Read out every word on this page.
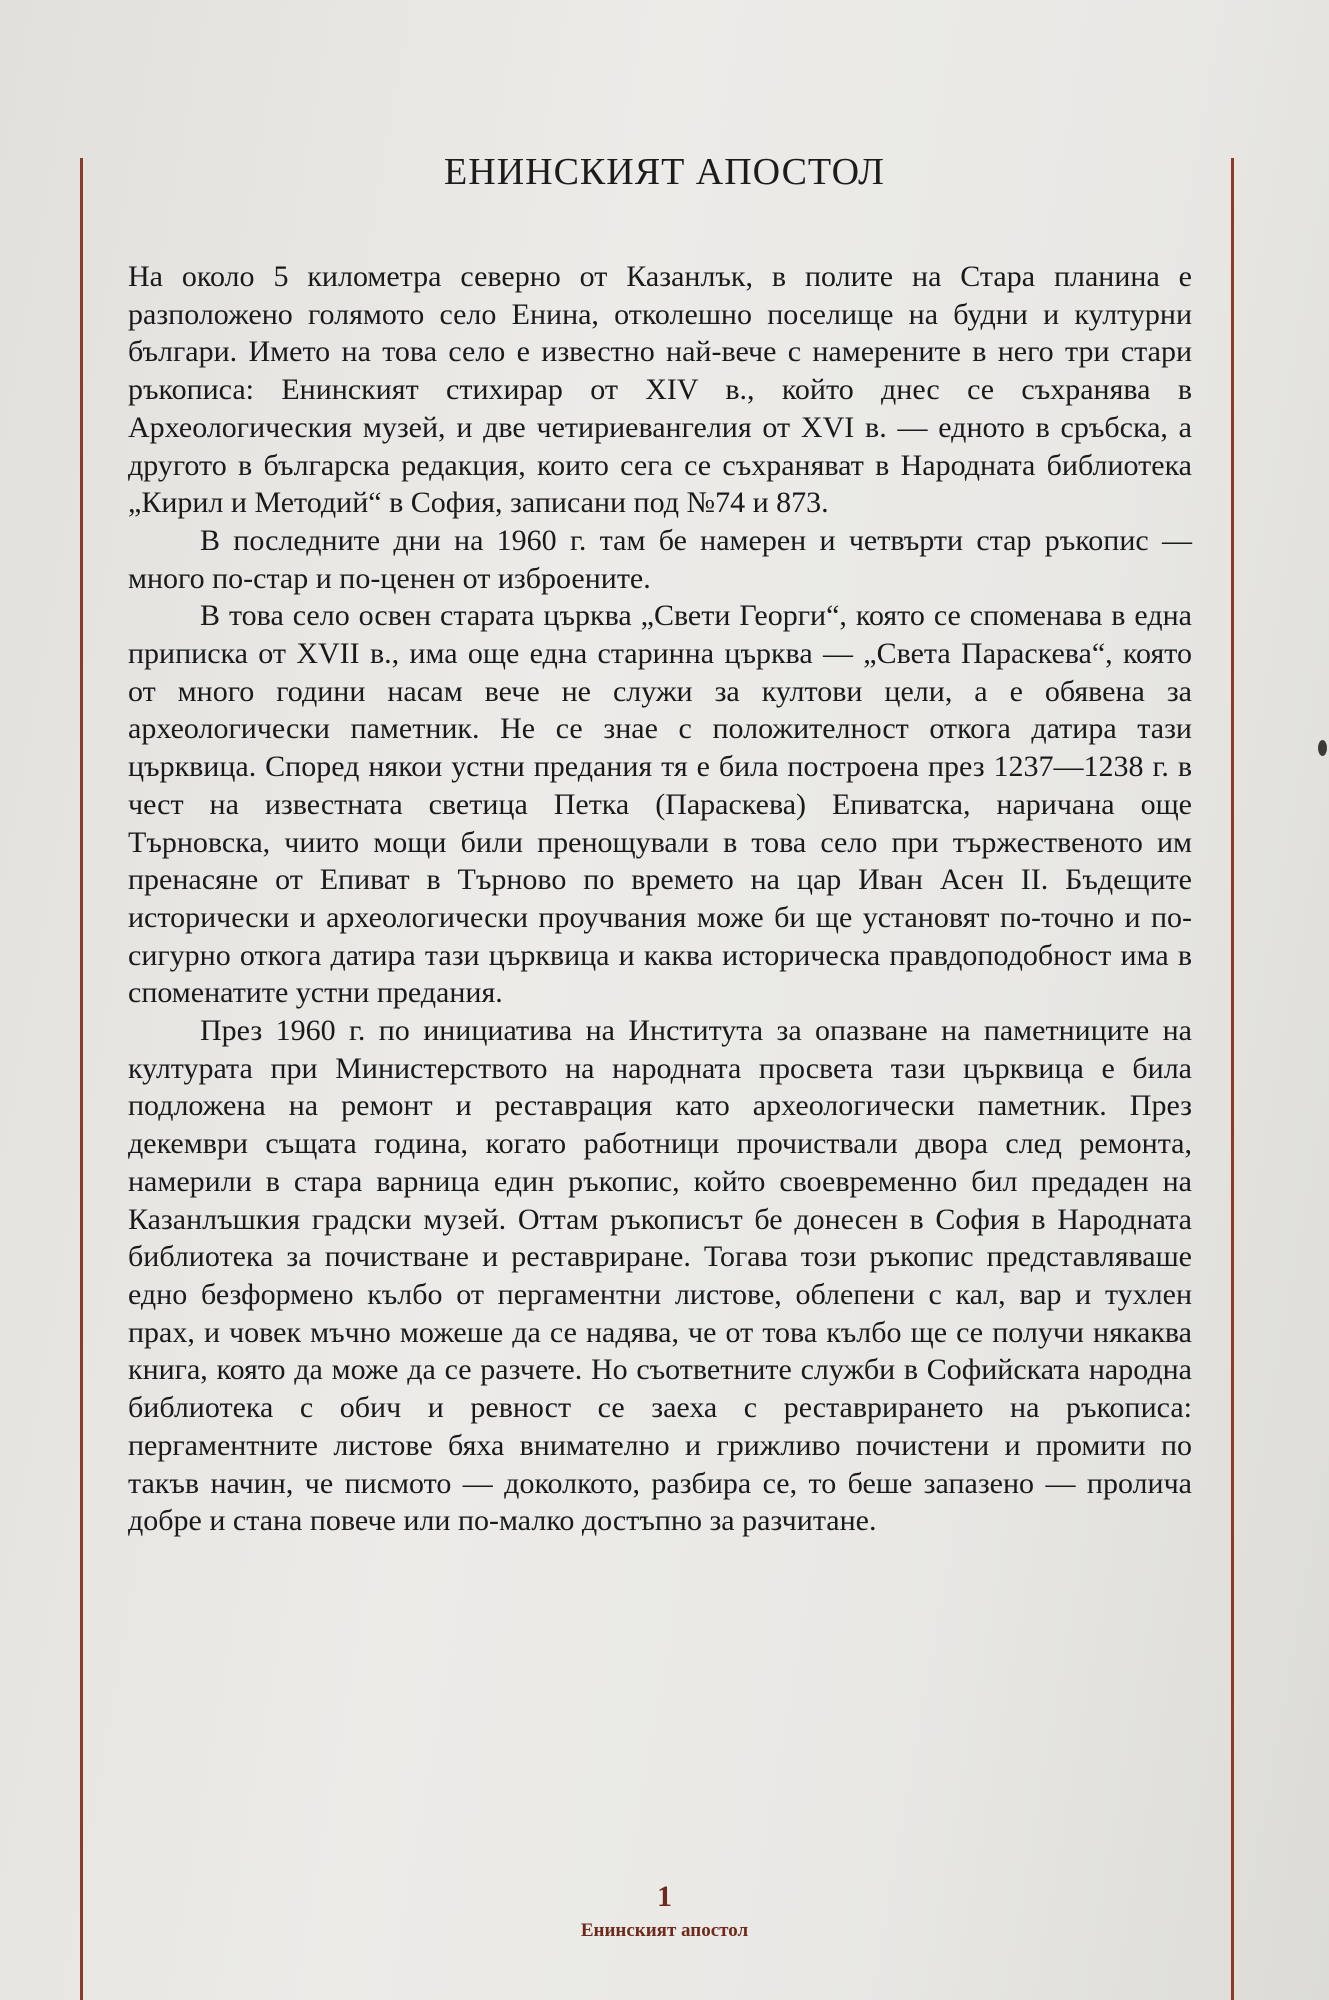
ЕНИНСКИЯТ АПОСТОЛ

На около 5 километра северно от Казанлък, в полите на Стара планина е разположено голямото село Енина, отколешно поселище на будни и културни българи. Името на това село е известно най-вече с намерените в него три стари ръкописа: Енинският стихирар от XIV в., който днес се съхранява в Археологическия музей, и две четириевангелия от XVI в. — едното в сръбска, а другото в българска редакция, които сега се съхраняват в Народната библиотека „Кирил и Методий“ в София, записани под №74 и 873.

В последните дни на 1960 г. там бе намерен и четвърти стар ръкопис — много по-стар и по-ценен от изброените.

В това село освен старата църква „Свети Георги“, която се споменава в една приписка от XVII в., има още една старинна църква — „Света Параскева“, която от много години насам вече не служи за култови цели, а е обявена за археологически паметник. Не се знае с положителност откога датира тази църквица. Според някои устни предания тя е била построена през 1237—1238 г. в чест на известната светица Петка (Параскева) Епиватска, наричана още Търновска, чиито мощи били пренощували в това село при тържественото им пренасяне от Епиват в Търново по времето на цар Иван Асен II. Бъдещите исторически и археологически проучвания може би ще установят по-точно и по-сигурно откога датира тази църквица и каква историческа правдоподобност има в споменатите устни предания.

През 1960 г. по инициатива на Института за опазване на паметниците на културата при Министерството на народната просвета тази църквица е била подложена на ремонт и реставрация като археологически паметник. През декември същата година, когато работници прочиствали двора след ремонта, намерили в стара варница един ръкопис, който своевременно бил предаден на Казанлъшкия градски музей. Оттам ръкописът бе донесен в София в Народната библиотека за почистване и реставриране. Тогава този ръкопис представляваше едно безформено кълбо от пергаментни листове, облепени с кал, вар и тухлен прах, и човек мъчно можеше да се надява, че от това кълбо ще се получи някаква книга, която да може да се разчете. Но съответните служби в Софийската народна библиотека с обич и ревност се заеха с реставрирането на ръкописа: пергаментните листове бяха внимателно и грижливо почистени и промити по такъв начин, че писмото — доколкото, разбира се, то беше запазено — пролича добре и стана повече или по-малко достъпно за разчитане.

1
Енинският апостол
